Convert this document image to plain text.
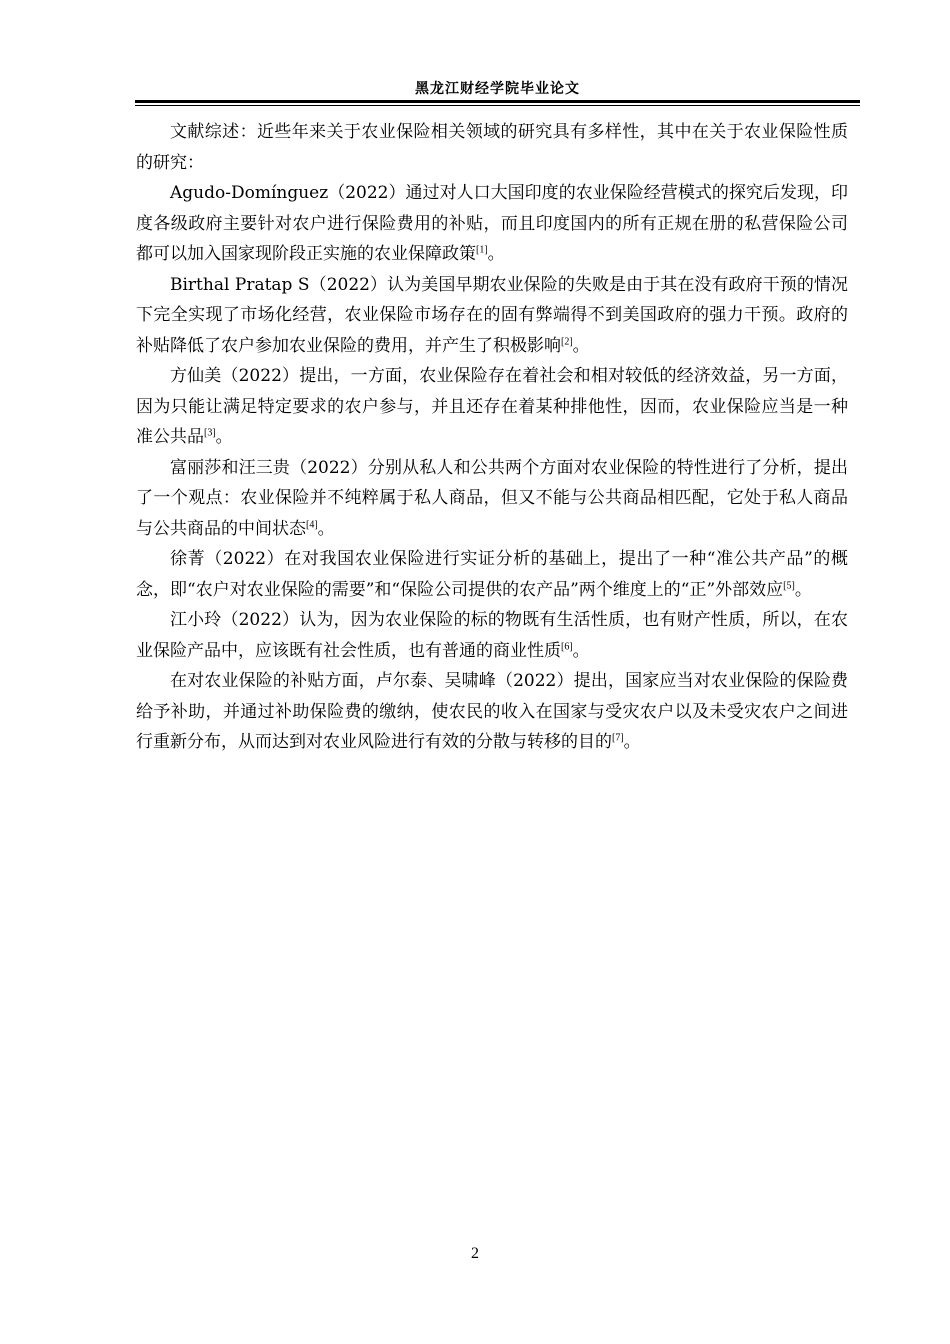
黑龙江财经学院毕业论文

文献综述：近些年来关于农业保险相关领域的研究具有多样性，其中在关于农业保险性质的研究：

Agudo-Domínguez（2022）通过对人口大国印度的农业保险经营模式的探究后发现，印度各级政府主要针对农户进行保险费用的补贴，而且印度国内的所有正规在册的私营保险公司都可以加入国家现阶段正实施的农业保障政策[1]。

Birthal Pratap S（2022）认为美国早期农业保险的失败是由于其在没有政府干预的情况下完全实现了市场化经营，农业保险市场存在的固有弊端得不到美国政府的强力干预。政府的补贴降低了农户参加农业保险的费用，并产生了积极影响[2]。

方仙美（2022）提出，一方面，农业保险存在着社会和相对较低的经济效益，另一方面，因为只能让满足特定要求的农户参与，并且还存在着某种排他性，因而，农业保险应当是一种准公共品[3]。

富丽莎和汪三贵（2022）分别从私人和公共两个方面对农业保险的特性进行了分析，提出了一个观点：农业保险并不纯粹属于私人商品，但又不能与公共商品相匹配，它处于私人商品与公共商品的中间状态[4]。

徐菁（2022）在对我国农业保险进行实证分析的基础上，提出了一种“准公共产品”的概念，即“农户对农业保险的需要”和“保险公司提供的农产品”两个维度上的“正”外部效应[5]。

江小玲（2022）认为，因为农业保险的标的物既有生活性质，也有财产性质，所以，在农业保险产品中，应该既有社会性质，也有普通的商业性质[6]。

在对农业保险的补贴方面，卢尔泰、吴啸峰（2022）提出，国家应当对农业保险的保险费给予补助，并通过补助保险费的缴纳，使农民的收入在国家与受灾农户以及未受灾农户之间进行重新分布，从而达到对农业风险进行有效的分散与转移的目的[7]。

2
